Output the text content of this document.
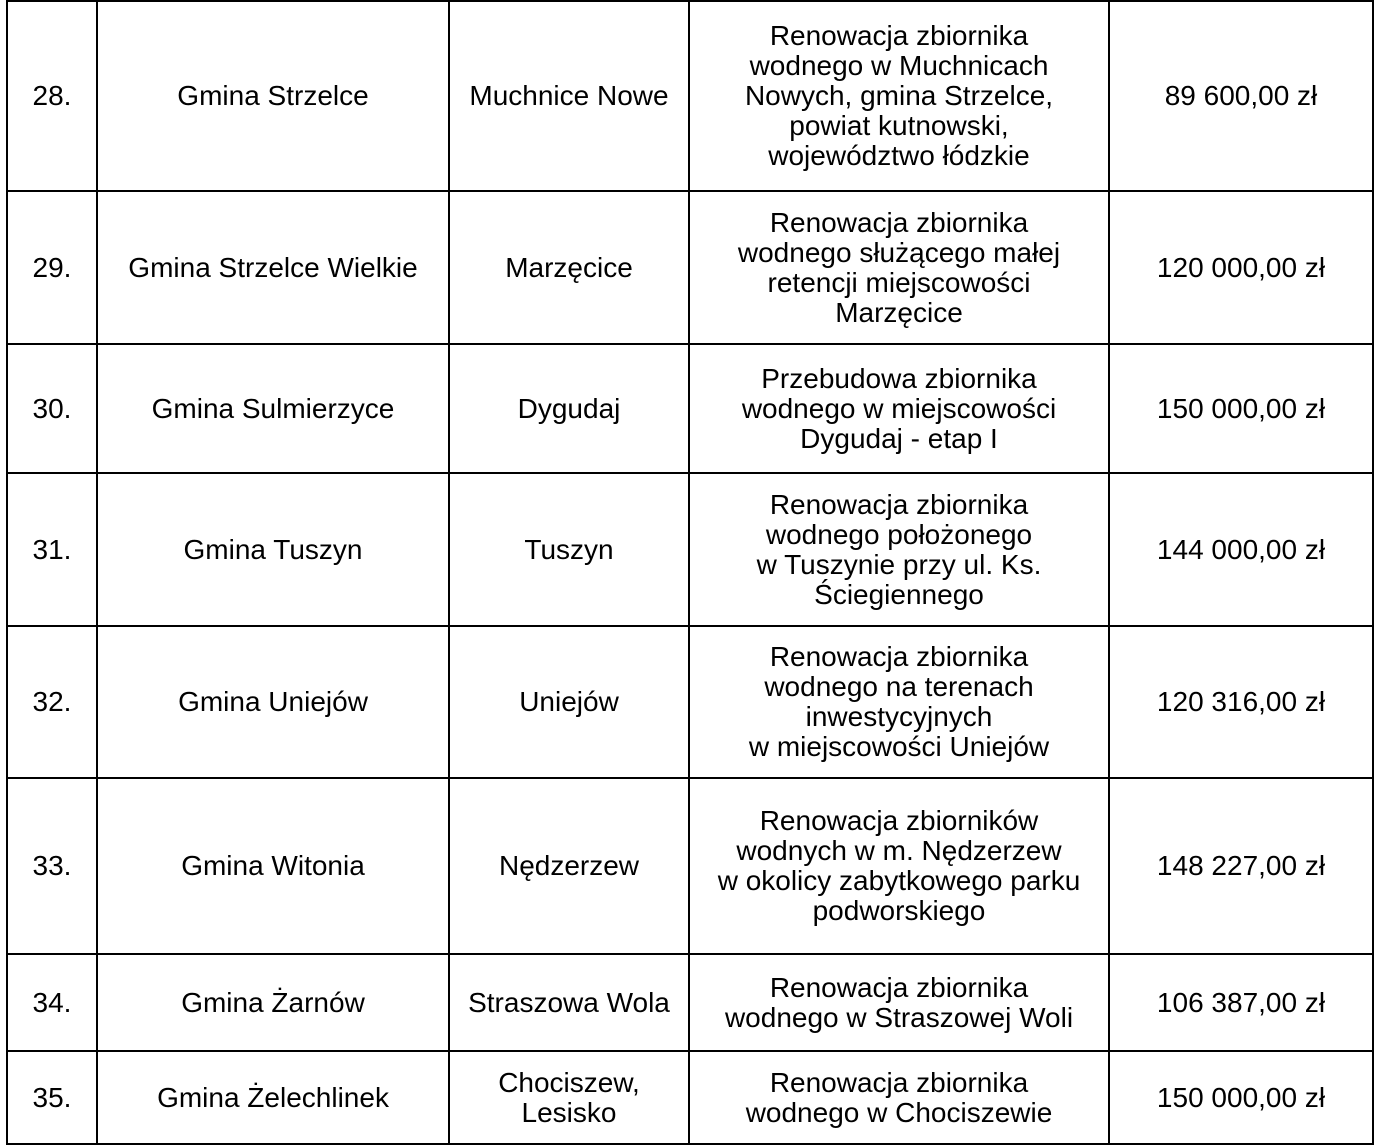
28.	Gmina Strzelce	Muchnice Nowe	Renowacja zbiornika
wodnego w Muchnicach
Nowych, gmina Strzelce,
powiat kutnowski,
województwo łódzkie	89 600,00 zł
29.	Gmina Strzelce Wielkie	Marzęcice	Renowacja zbiornika
wodnego służącego małej
retencji miejscowości
Marzęcice	120 000,00 zł
30.	Gmina Sulmierzyce	Dygudaj	Przebudowa zbiornika
wodnego w miejscowości
Dygudaj - etap I	150 000,00 zł
31.	Gmina Tuszyn	Tuszyn	Renowacja zbiornika
wodnego położonego
w Tuszynie przy ul. Ks.
Ściegiennego	144 000,00 zł
32.	Gmina Uniejów	Uniejów	Renowacja zbiornika
wodnego na terenach
inwestycyjnych
w miejscowości Uniejów	120 316,00 zł
33.	Gmina Witonia	Nędzerzew	Renowacja zbiorników
wodnych w m. Nędzerzew
w okolicy zabytkowego parku
podworskiego	148 227,00 zł
34.	Gmina Żarnów	Straszowa Wola	Renowacja zbiornika
wodnego w Straszowej Woli	106 387,00 zł
35.	Gmina Żelechlinek	Chociszew,
Lesisko	Renowacja zbiornika
wodnego w Chociszewie	150 000,00 zł
